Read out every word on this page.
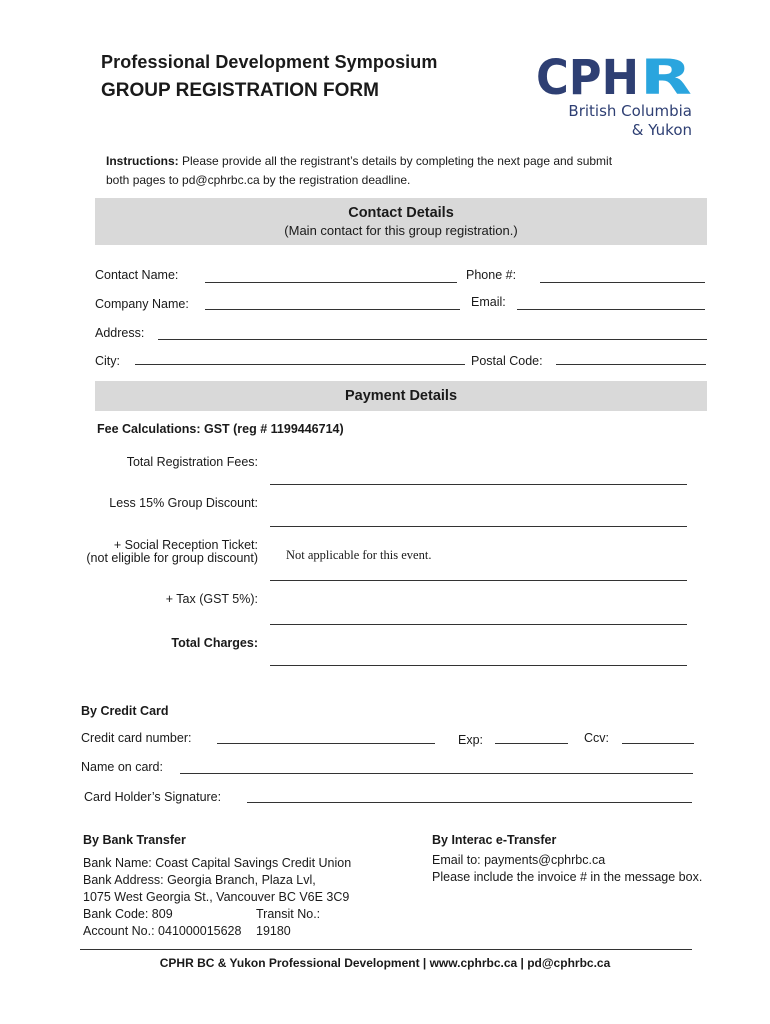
Professional Development Symposium
GROUP REGISTRATION FORM	CPH R
British Columbia
& Yukon
Instructions: Please provide all the registrant’s details by completing the next page and submit both pages to pd@cphrbc.ca by the registration deadline.
Contact Details
(Main contact for this group registration.)
Contact Name:	Phone #:
Company Name:	Email:
Address:
City:	Postal Code:
Payment Details
Fee Calculations: GST (reg # 1199446714)
Total Registration Fees:
Less 15% Group Discount:
+ Social Reception Ticket:
(not eligible for group discount) Not applicable for this event.
+ Tax (GST 5%):
Total Charges:
By Credit Card
Credit card number:	Exp:	Ccv:
Name on card:
Card Holder’s Signature:
By Bank Transfer
Bank Name: Coast Capital Savings Credit Union
Bank Address: Georgia Branch, Plaza Lvl,
1075 West Georgia St., Vancouver BC V6E 3C9
Bank Code: 809	Transit No.: 19180
Account No.: 041000015628
By Interac e-Transfer
Email to: payments@cphrbc.ca
Please include the invoice # in the message box.
CPHR BC & Yukon Professional Development | www.cphrbc.ca | pd@cphrbc.ca
